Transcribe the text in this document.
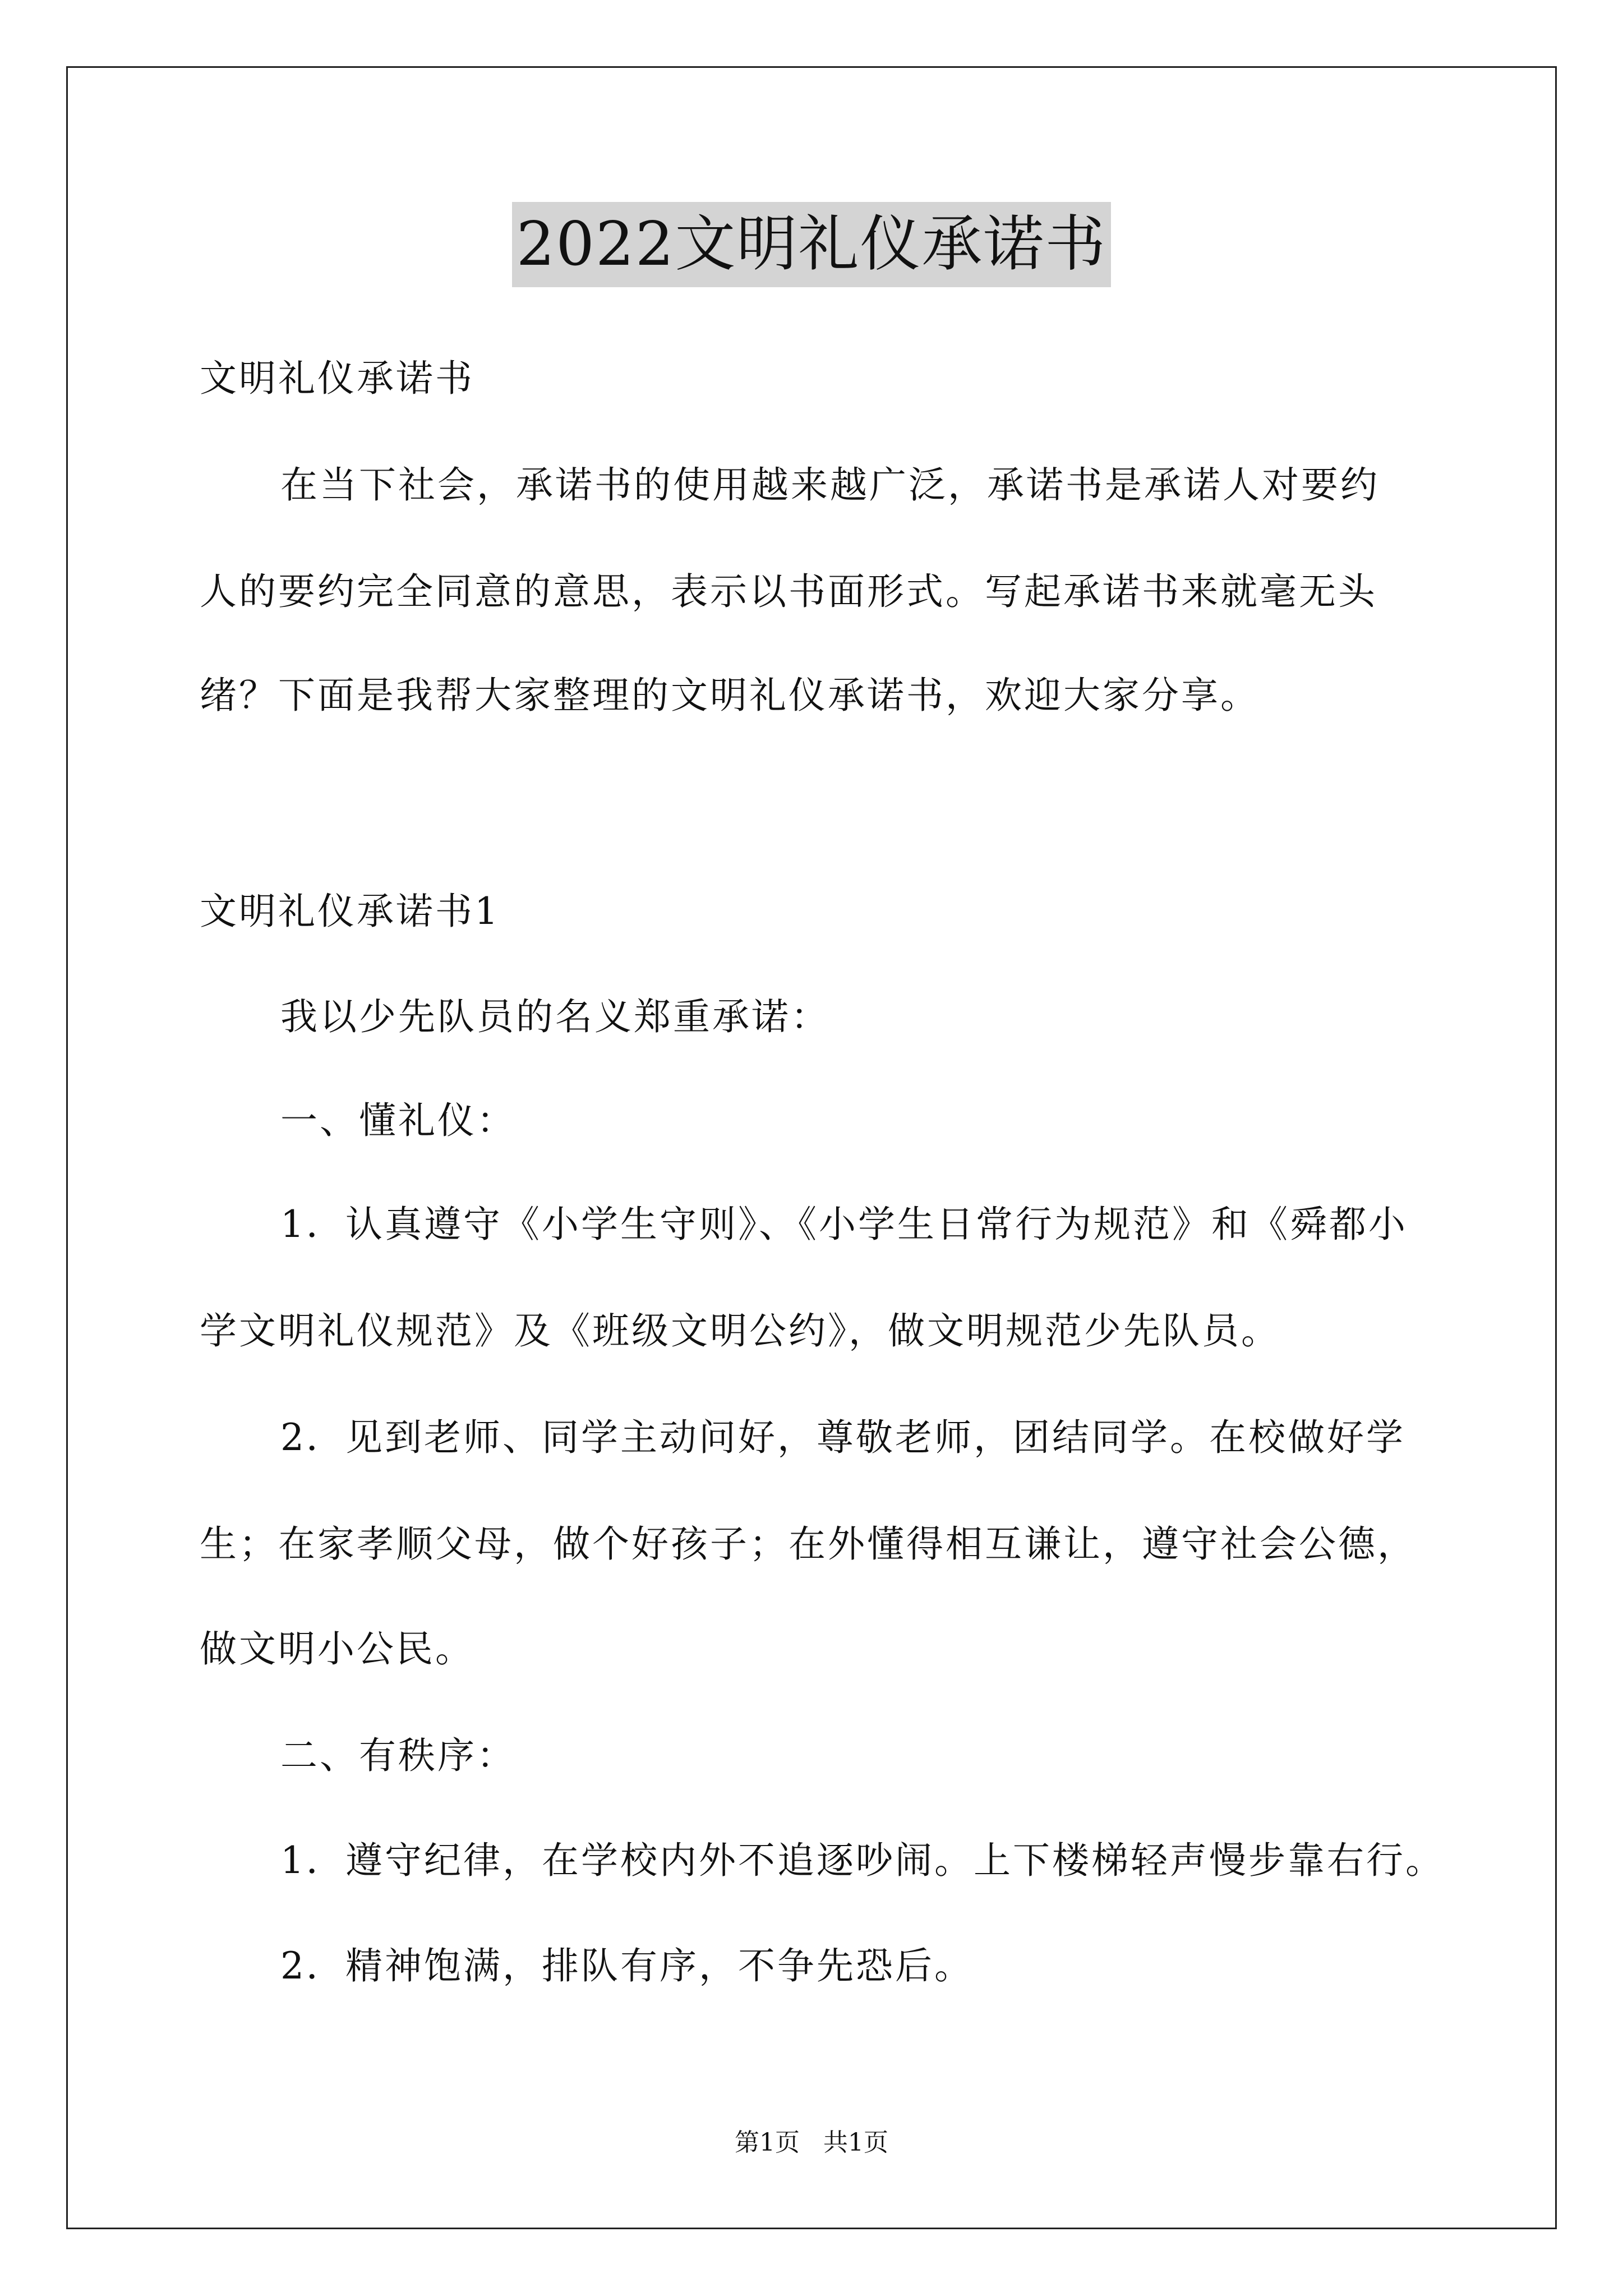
2022文明礼仪承诺书
文明礼仪承诺书
在当下社会，承诺书的使用越来越广泛，承诺书是承诺人对要约
人的要约完全同意的意思，表示以书面形式。写起承诺书来就毫无头
绪？下面是我帮大家整理的文明礼仪承诺书，欢迎大家分享。
文明礼仪承诺书1
我以少先队员的名义郑重承诺：
一、懂礼仪：
1．认真遵守《小学生守则》、《小学生日常行为规范》和《舜都小
学文明礼仪规范》及《班级文明公约》，做文明规范少先队员。
2．见到老师、同学主动问好，尊敬老师，团结同学。在校做好学
生；在家孝顺父母，做个好孩子；在外懂得相互谦让，遵守社会公德，
做文明小公民。
二、有秩序：
1．遵守纪律，在学校内外不追逐吵闹。上下楼梯轻声慢步靠右行。
2．精神饱满，排队有序，不争先恐后。
第1页 共1页
